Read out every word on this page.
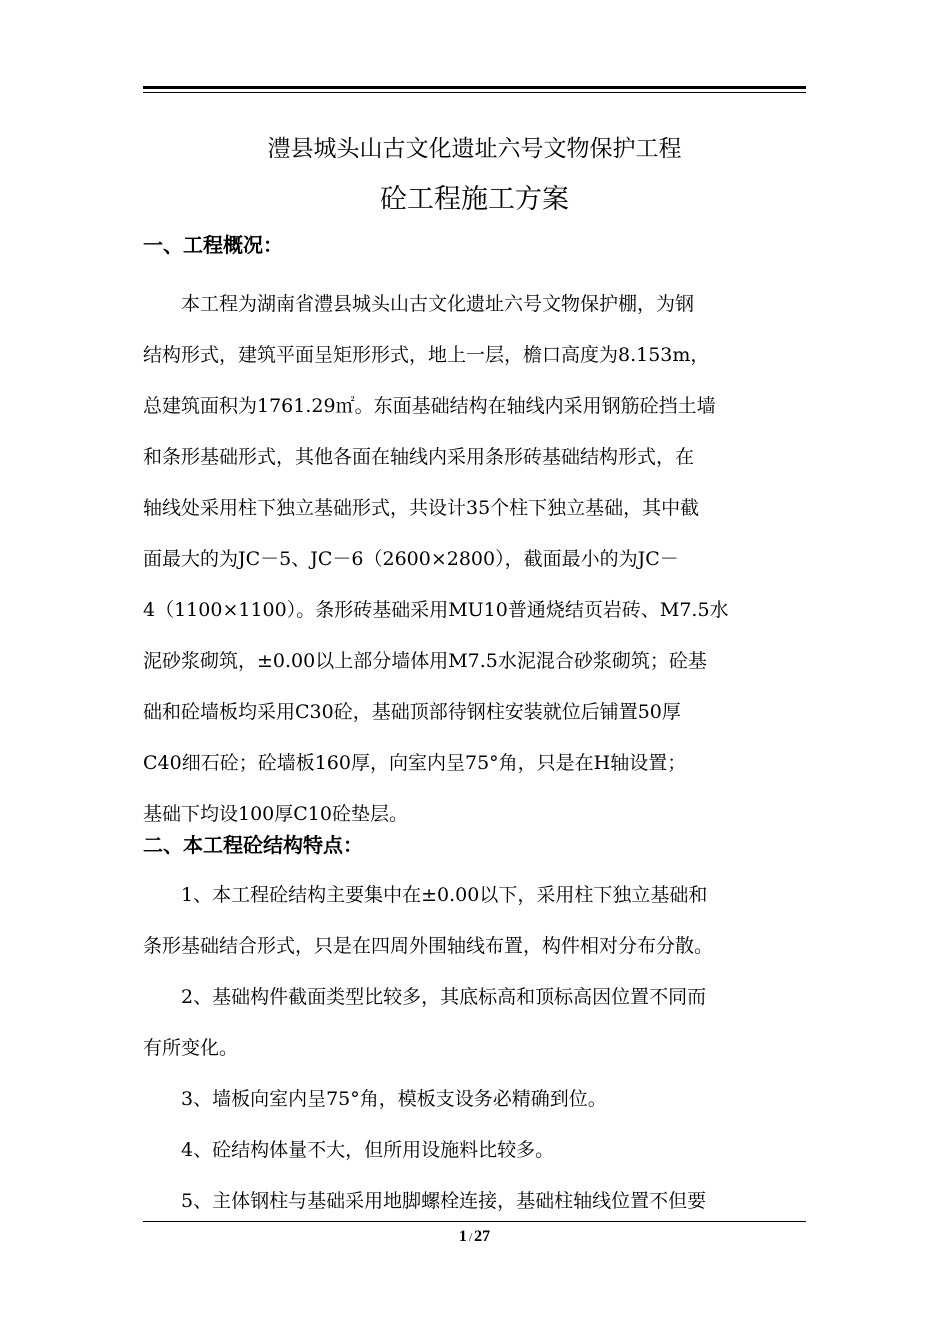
澧县城头山古文化遗址六号文物保护工程
砼工程施工方案
一、工程概况：
本工程为湖南省澧县城头山古文化遗址六号文物保护棚，为钢
结构形式，建筑平面呈矩形形式，地上一层，檐口高度为8.153m，
总建筑面积为1761.29㎡。东面基础结构在轴线内采用钢筋砼挡土墙
和条形基础形式，其他各面在轴线内采用条形砖基础结构形式，在
轴线处采用柱下独立基础形式，共设计35个柱下独立基础，其中截
面最大的为JC－5、JC－6（2600×2800），截面最小的为JC－
4（1100×1100）。条形砖基础采用MU10普通烧结页岩砖、M7.5水
泥砂浆砌筑，±0.00以上部分墙体用M7.5水泥混合砂浆砌筑；砼基
础和砼墙板均采用C30砼，基础顶部待钢柱安装就位后铺置50厚
C40细石砼；砼墙板160厚，向室内呈75°角，只是在H轴设置；
基础下均设100厚C10砼垫层。
二、本工程砼结构特点：
1、本工程砼结构主要集中在±0.00以下，采用柱下独立基础和
条形基础结合形式，只是在四周外围轴线布置，构件相对分布分散。
2、基础构件截面类型比较多，其底标高和顶标高因位置不同而
有所变化。
3、墙板向室内呈75°角，模板支设务必精确到位。
4、砼结构体量不大，但所用设施料比较多。
5、主体钢柱与基础采用地脚螺栓连接，基础柱轴线位置不但要
1 / 27
